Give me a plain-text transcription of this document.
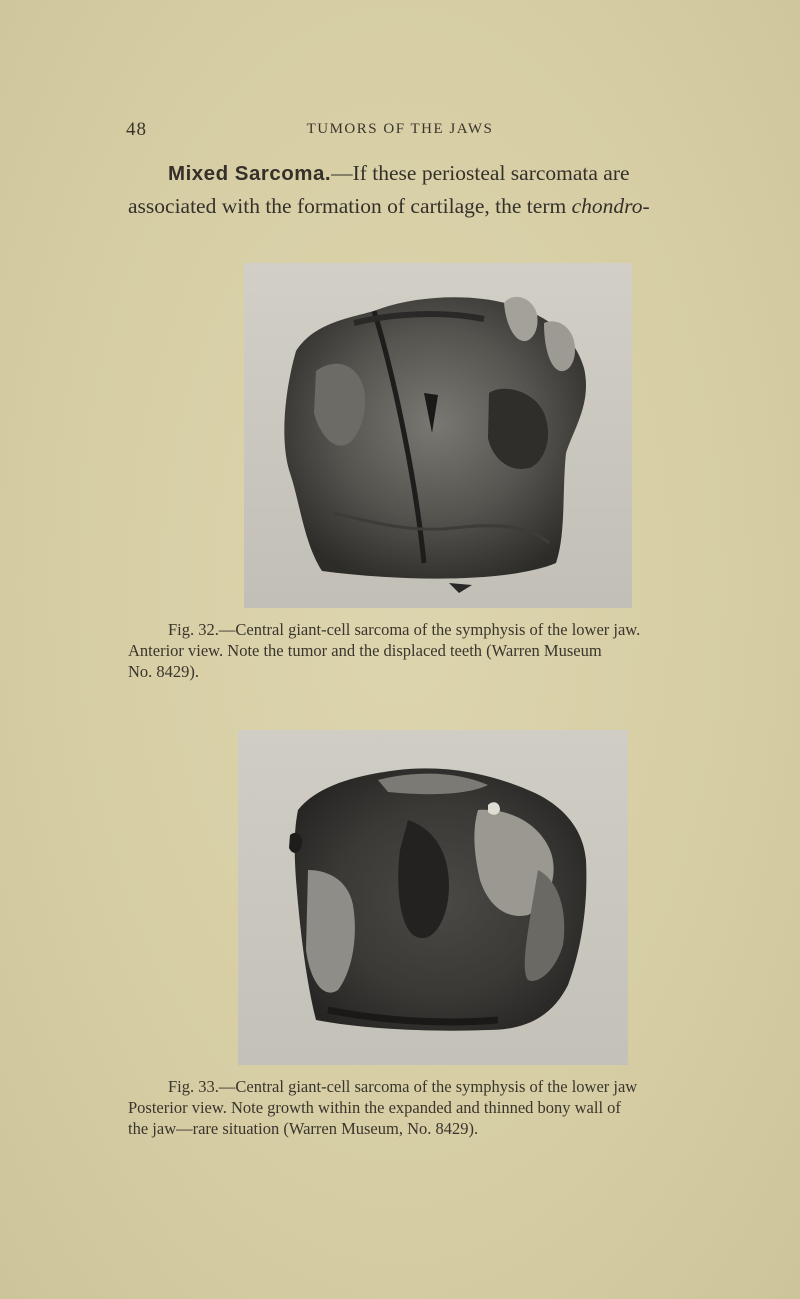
48	TUMORS OF THE JAWS
Mixed Sarcoma.—If these periosteal sarcomata are
associated with the formation of cartilage, the term chondro-
Fig. 32.—Central giant-cell sarcoma of the symphysis of the lower jaw.
Anterior view. Note the tumor and the displaced teeth (Warren Museum
No. 8429).
Fig. 33.—Central giant-cell sarcoma of the symphysis of the lower jaw
Posterior view. Note growth within the expanded and thinned bony wall of
the jaw—rare situation (Warren Museum, No. 8429).
